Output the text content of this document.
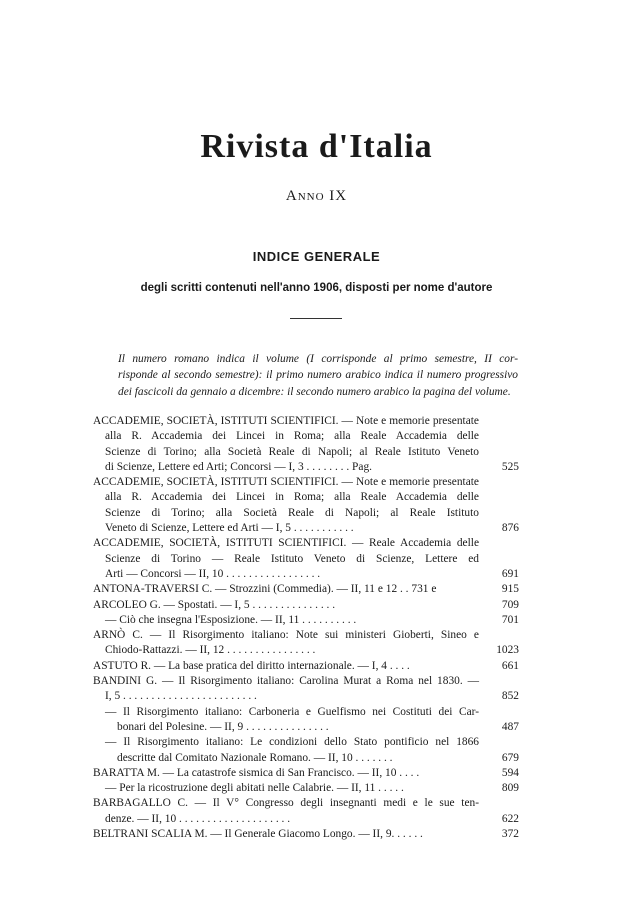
Rivista d'Italia
Anno IX
INDICE GENERALE
degli scritti contenuti nell'anno 1906, disposti per nome d'autore
Il numero romano indica il volume (I corrisponde al primo semestre, II cor-
risponde al secondo semestre): il primo numero arabico indica il numero progressivo
dei fascicoli da gennaio a dicembre: il secondo numero arabico la pagina del volume.
ACCADEMIE, SOCIETÀ, ISTITUTI SCIENTIFICI. — Note e memorie presentate
alla R. Accademia dei Lincei in Roma; alla Reale Accademia delle
Scienze di Torino; alla Società Reale di Napoli; al Reale Istituto Veneto
di Scienze, Lettere ed Arti; Concorsi — I, 3 . . . . . . . . Pag.	525
ACCADEMIE, SOCIETÀ, ISTITUTI SCIENTIFICI. — Note e memorie presentate
alla R. Accademia dei Lincei in Roma; alla Reale Accademia delle
Scienze di Torino; alla Società Reale di Napoli; al Reale Istituto
Veneto di Scienze, Lettere ed Arti — I, 5 . . . . . . . . . . .	876
ACCADEMIE, SOCIETÀ, ISTITUTI SCIENTIFICI. — Reale Accademia delle
Scienze di Torino — Reale Istituto Veneto di Scienze, Lettere ed
Arti — Concorsi — II, 10 . . . . . . . . . . . . . . . . .	691
ANTONA-TRAVERSI C. — Strozzini (Commedia). — II, 11 e 12 . . 731 e	915
ARCOLEO G. — Spostati. — I, 5 . . . . . . . . . . . . . . .	709
— Ciò che insegna l'Esposizione. — II, 11 . . . . . . . . . .	701
ARNÒ C. — Il Risorgimento italiano: Note sui ministeri Gioberti, Sineo e
Chiodo-Rattazzi. — II, 12 . . . . . . . . . . . . . . . .	1023
ASTUTO R. — La base pratica del diritto internazionale. — I, 4 . . . .	661
BANDINI G. — Il Risorgimento italiano: Carolina Murat a Roma nel 1830. —
I, 5 . . . . . . . . . . . . . . . . . . . . . . . .	852
— Il Risorgimento italiano: Carboneria e Guelfismo nei Costituti dei Car-
bonari del Polesine. — II, 9 . . . . . . . . . . . . . . .	487
— Il Risorgimento italiano: Le condizioni dello Stato pontificio nel 1866
descritte dal Comitato Nazionale Romano. — II, 10 . . . . . . .	679
BARATTA M. — La catastrofe sismica di San Francisco. — II, 10 . . . .	594
— Per la ricostruzione degli abitati nelle Calabrie. — II, 11 . . . . .	809
BARBAGALLO C. — Il V° Congresso degli insegnanti medi e le sue ten-
denze. — II, 10 . . . . . . . . . . . . . . . . . . . .	622
BELTRANI SCALIA M. — Il Generale Giacomo Longo. — II, 9. . . . . .	372
